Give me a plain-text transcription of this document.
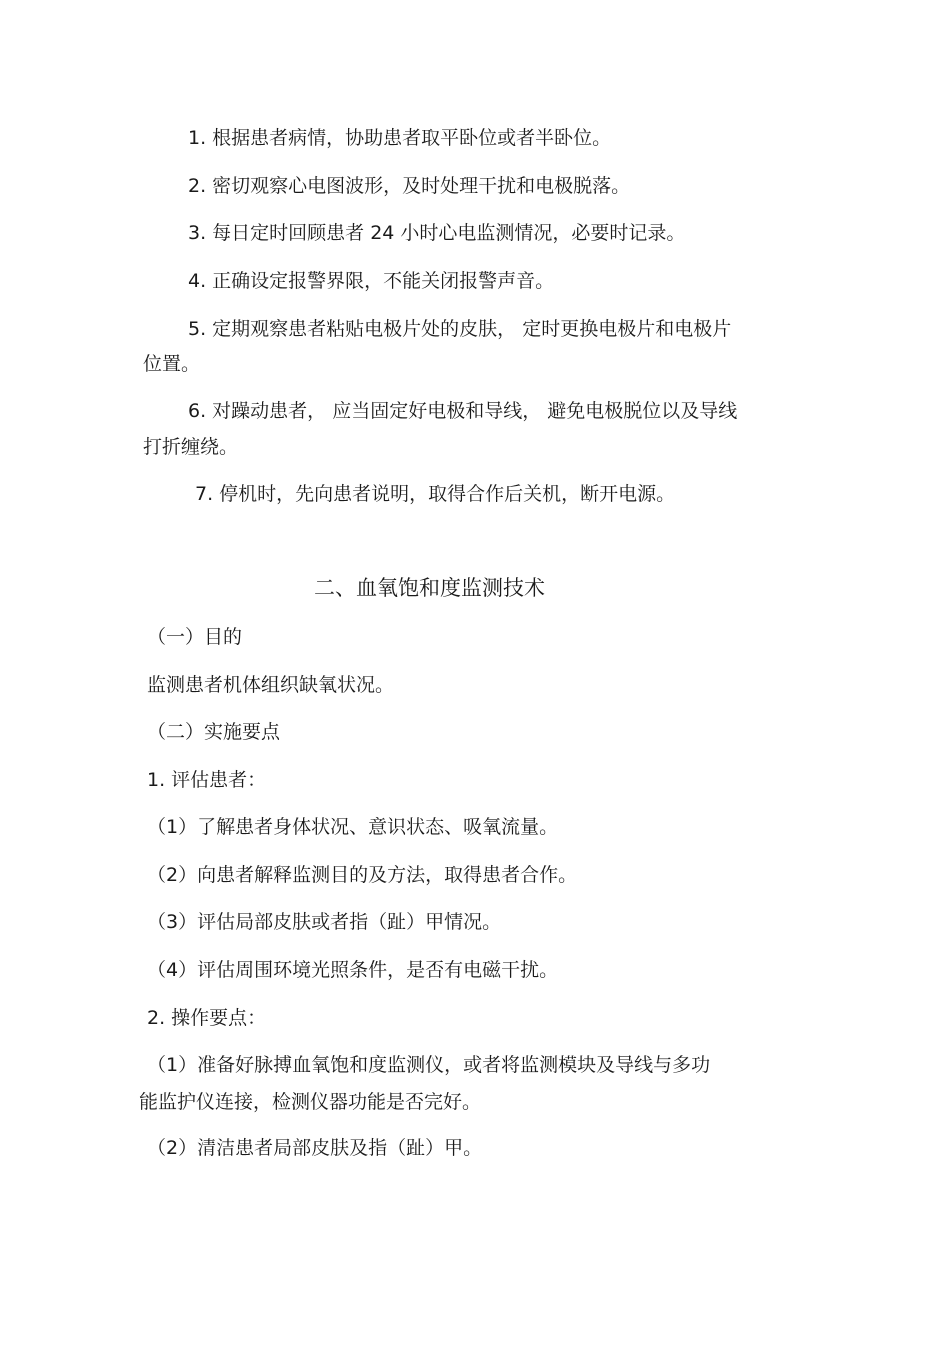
1. 根据患者病情，协助患者取平卧位或者半卧位。
2. 密切观察心电图波形，及时处理干扰和电极脱落。
3. 每日定时回顾患者 24 小时心电监测情况，必要时记录。
4. 正确设定报警界限，不能关闭报警声音。
5. 定期观察患者粘贴电极片处的皮肤， 定时更换电极片和电极片
位置。
6. 对躁动患者， 应当固定好电极和导线， 避免电极脱位以及导线
打折缠绕。
7. 停机时，先向患者说明，取得合作后关机，断开电源。
二、血氧饱和度监测技术
（一）目的
监测患者机体组织缺氧状况。
（二）实施要点
1. 评估患者：
（1）了解患者身体状况、意识状态、吸氧流量。
（2）向患者解释监测目的及方法，取得患者合作。
（3）评估局部皮肤或者指（趾）甲情况。
（4）评估周围环境光照条件，是否有电磁干扰。
2. 操作要点：
（1）准备好脉搏血氧饱和度监测仪，或者将监测模块及导线与多功
能监护仪连接，检测仪器功能是否完好。
（2）清洁患者局部皮肤及指（趾）甲。
